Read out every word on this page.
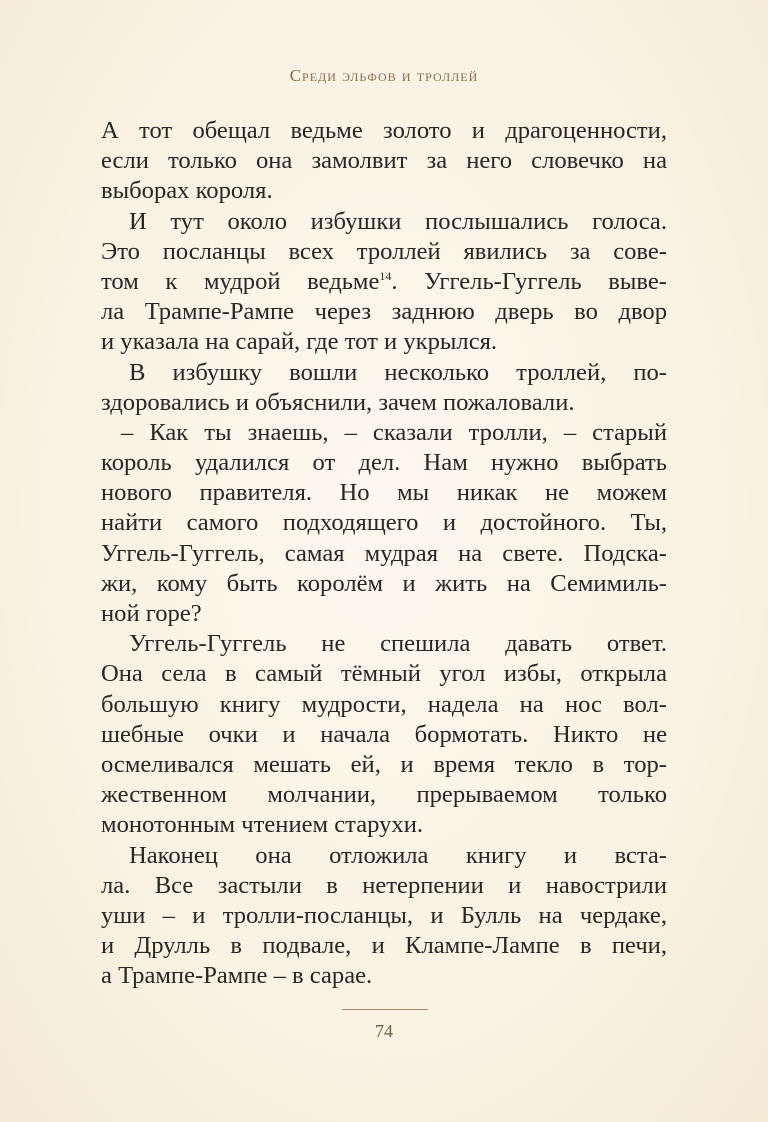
Среди эльфов и троллей
А тот обещал ведьме золото и драгоценности,
если только она замолвит за него словечко на
выборах короля.
И тут около избушки послышались голоса.
Это посланцы всех троллей явились за сове-
том к мудрой ведьме$^{14}$. Уггель-Гуггель выве-
ла Трампе-Рампе через заднюю дверь во двор
и указала на сарай, где тот и укрылся.
В избушку вошли несколько троллей, по-
здоровались и объяснили, зачем пожаловали.
– Как ты знаешь, – сказали тролли, – старый
король удалился от дел. Нам нужно выбрать
нового правителя. Но мы никак не можем
найти самого подходящего и достойного. Ты,
Уггель-Гуггель, самая мудрая на свете. Подска-
жи, кому быть королём и жить на Семимиль-
ной горе?
Уггель-Гуггель не спешила давать ответ.
Она села в самый тёмный угол избы, открыла
большую книгу мудрости, надела на нос вол-
шебные очки и начала бормотать. Никто не
осмеливался мешать ей, и время текло в тор-
жественном молчании, прерываемом только
монотонным чтением старухи.
Наконец она отложила книгу и вста-
ла. Все застыли в нетерпении и навострили
уши – и тролли-посланцы, и Булль на чердаке,
и Друлль в подвале, и Клампе-Лампе в печи,
а Трампе-Рампе – в сарае.
74
